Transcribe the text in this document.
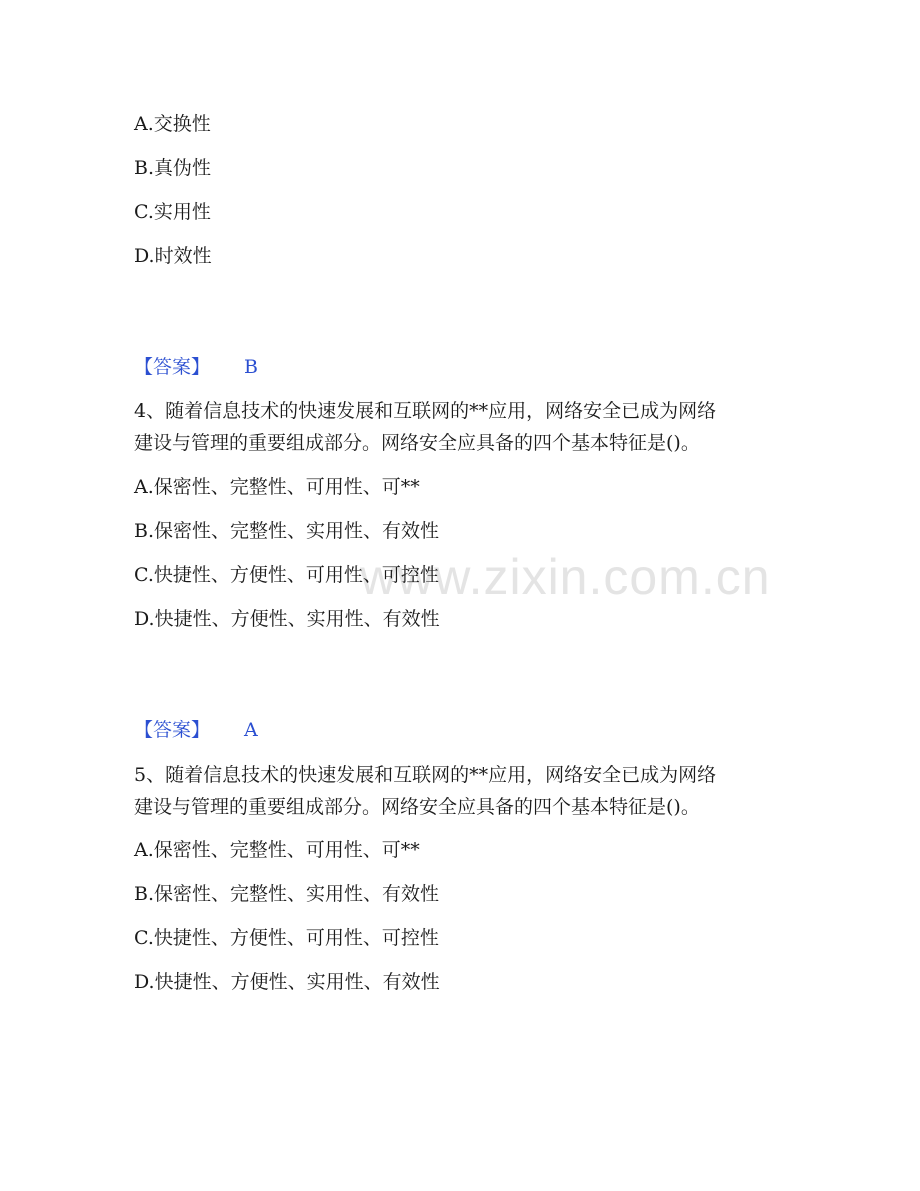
www.zixin.com.cn
A.交换性
B.真伪性
C.实用性
D.时效性
【答案】 B
4、随着信息技术的快速发展和互联网的**应用，网络安全已成为网络
建设与管理的重要组成部分。网络安全应具备的四个基本特征是()。
A.保密性、完整性、可用性、可**
B.保密性、完整性、实用性、有效性
C.快捷性、方便性、可用性、可控性
D.快捷性、方便性、实用性、有效性
【答案】 A
5、随着信息技术的快速发展和互联网的**应用，网络安全已成为网络
建设与管理的重要组成部分。网络安全应具备的四个基本特征是()。
A.保密性、完整性、可用性、可**
B.保密性、完整性、实用性、有效性
C.快捷性、方便性、可用性、可控性
D.快捷性、方便性、实用性、有效性
